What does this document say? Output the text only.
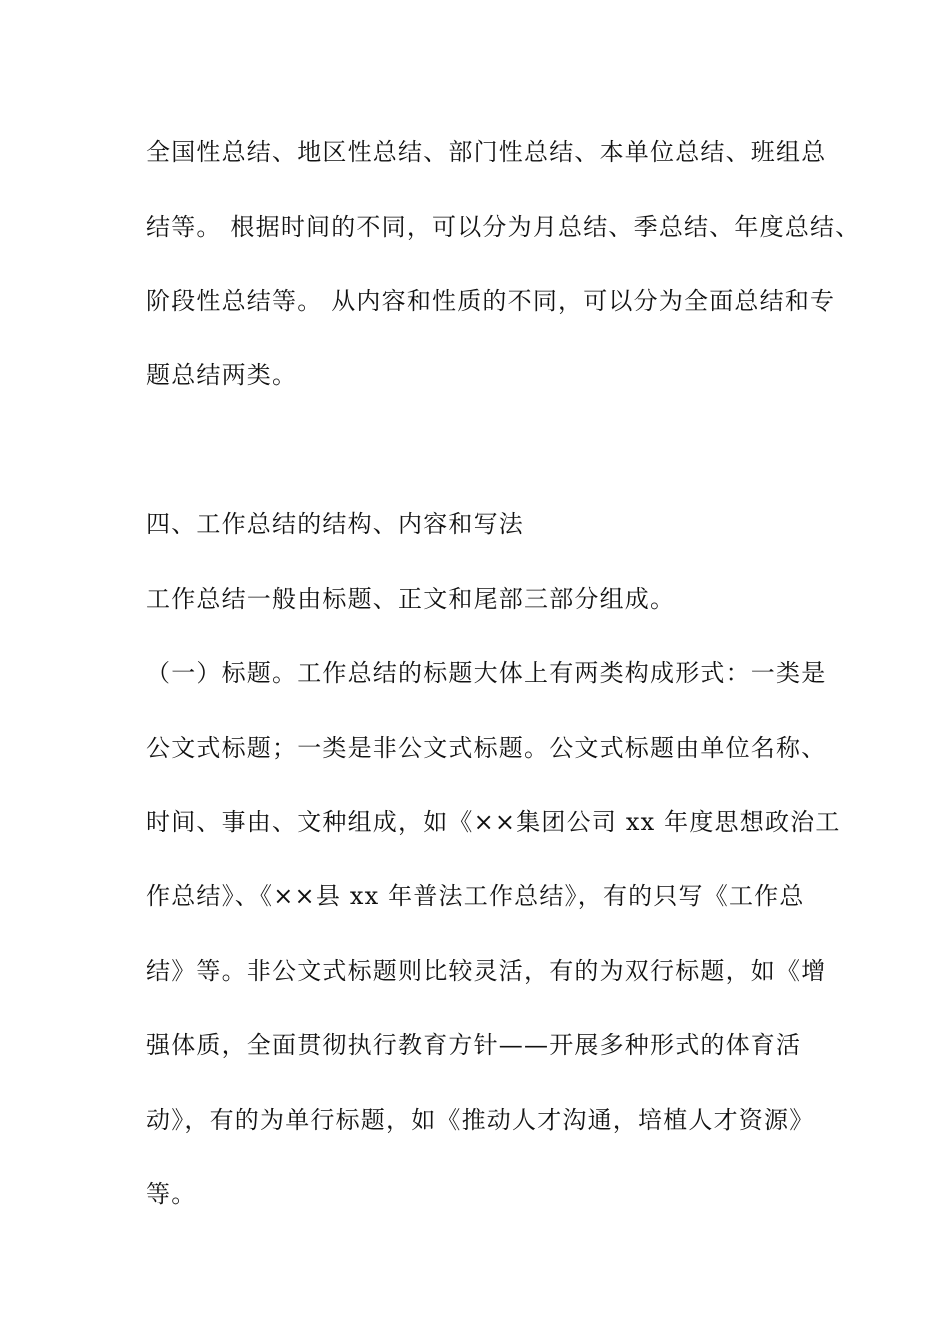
全国性总结、地区性总结、部门性总结、本单位总结、班组总
结等。 根据时间的不同，可以分为月总结、季总结、年度总结、
阶段性总结等。 从内容和性质的不同，可以分为全面总结和专
题总结两类。
四、工作总结的结构、内容和写法
工作总结一般由标题、正文和尾部三部分组成。
（一）标题。工作总结的标题大体上有两类构成形式：一类是
公文式标题；一类是非公文式标题。公文式标题由单位名称、
时间、事由、文种组成，如《××集团公司 xx 年度思想政治工
作总结》、《××县 xx 年普法工作总结》，有的只写《工作总
结》等。非公文式标题则比较灵活，有的为双行标题，如《增
强体质，全面贯彻执行教育方针——开展多种形式的体育活
动》，有的为单行标题，如《推动人才沟通，培植人才资源》
等。
